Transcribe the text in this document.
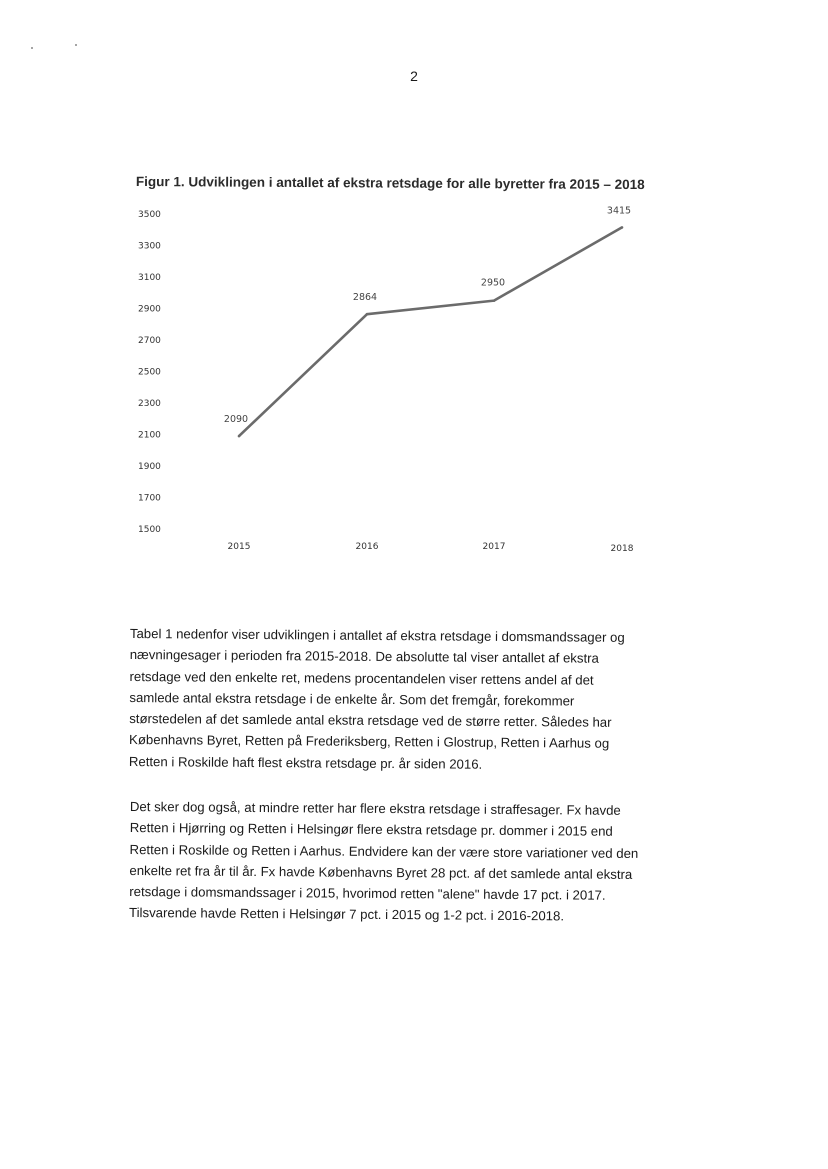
2
Figur 1. Udviklingen i antallet af ekstra retsdage for alle byretter fra 2015 – 2018
3500
3300
3100
2900
2700
2500
2300
2100
1900
1700
1500
2015	2016	2017	2018
2090
2864
2950
3415
Tabel 1 nedenfor viser udviklingen i antallet af ekstra retsdage i domsmandssager og
nævningesager i perioden fra 2015-2018. De absolutte tal viser antallet af ekstra
retsdage ved den enkelte ret, medens procentandelen viser rettens andel af det
samlede antal ekstra retsdage i de enkelte år. Som det fremgår, forekommer
størstedelen af det samlede antal ekstra retsdage ved de større retter. Således har
Københavns Byret, Retten på Frederiksberg, Retten i Glostrup, Retten i Aarhus og
Retten i Roskilde haft flest ekstra retsdage pr. år siden 2016.
Det sker dog også, at mindre retter har flere ekstra retsdage i straffesager. Fx havde
Retten i Hjørring og Retten i Helsingør flere ekstra retsdage pr. dommer i 2015 end
Retten i Roskilde og Retten i Aarhus. Endvidere kan der være store variationer ved den
enkelte ret fra år til år. Fx havde Københavns Byret 28 pct. af det samlede antal ekstra
retsdage i domsmandssager i 2015, hvorimod retten "alene" havde 17 pct. i 2017.
Tilsvarende havde Retten i Helsingør 7 pct. i 2015 og 1-2 pct. i 2016-2018.
